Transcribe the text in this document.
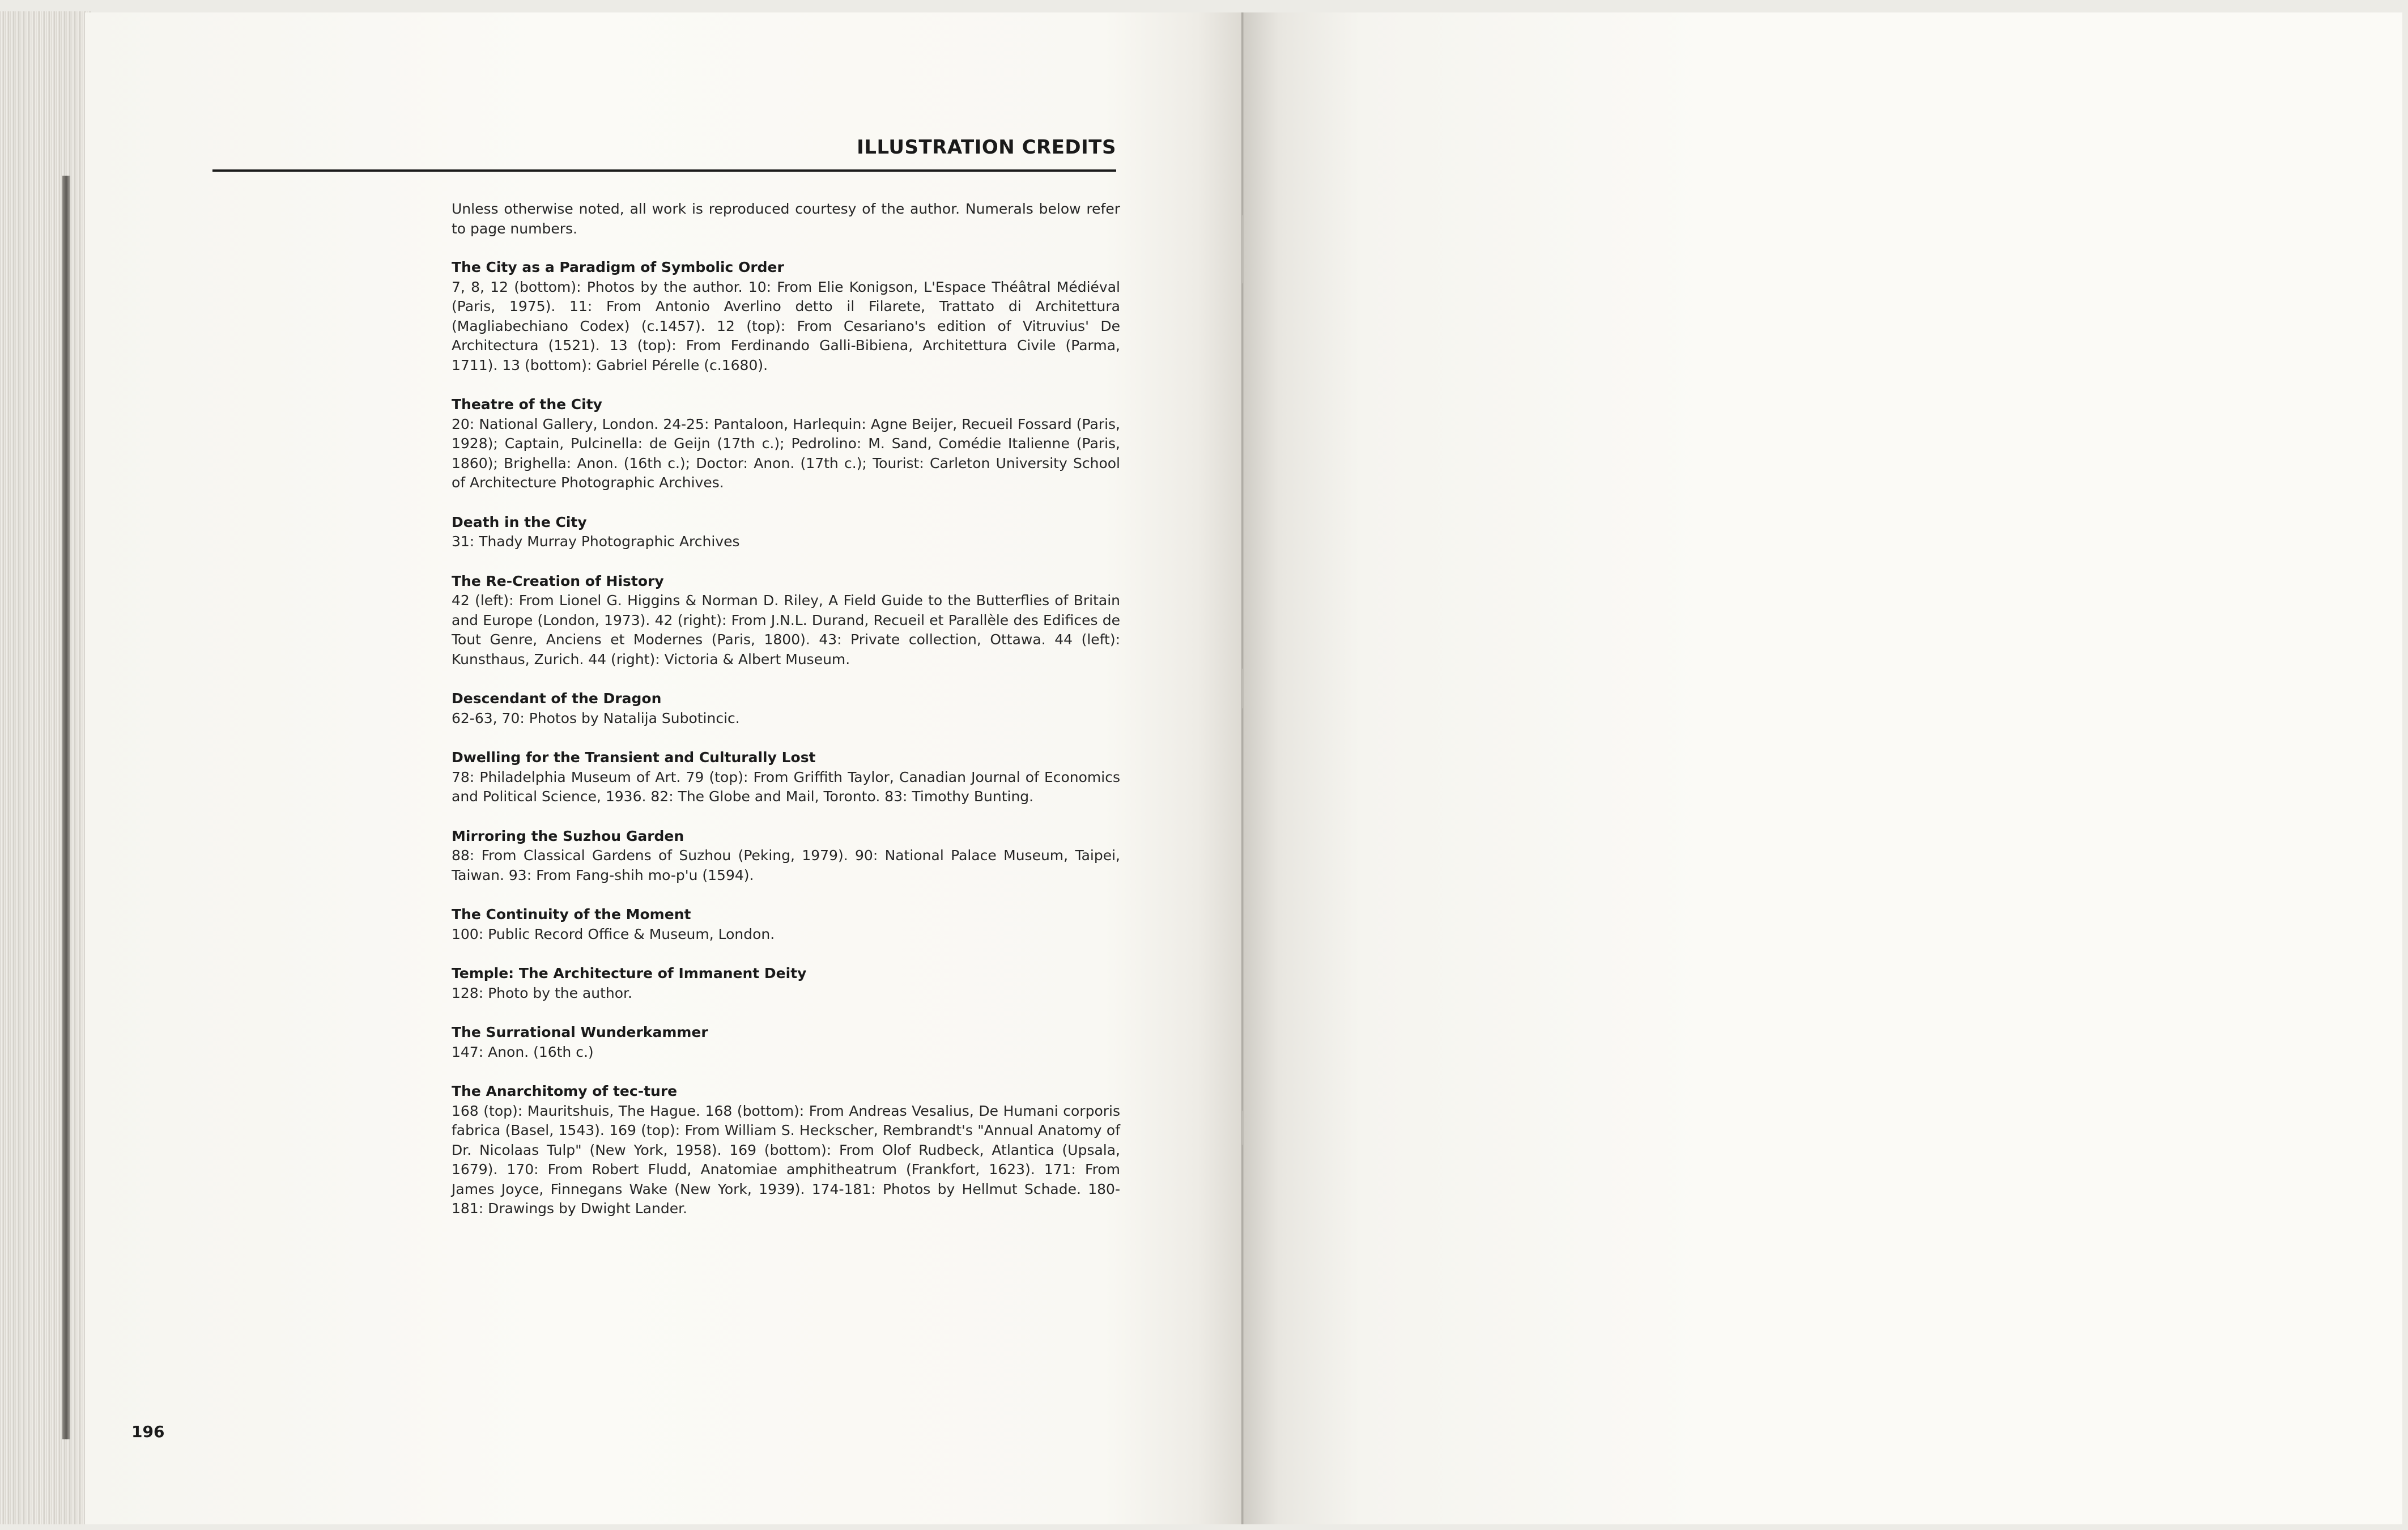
ILLUSTRATION CREDITS

Unless otherwise noted, all work is reproduced courtesy of the author. Numerals below refer to page numbers.

The City as a Paradigm of Symbolic Order

7, 8, 12 (bottom): Photos by the author. 10: From Elie Konigson, L'Espace Théâtral Médiéval (Paris, 1975). 11: From Antonio Averlino detto il Filarete, Trattato di Architettura (Magliabechiano Codex) (c.1457). 12 (top): From Cesariano's edition of Vitruvius' De Architectura (1521). 13 (top): From Ferdinando Galli-Bibiena, Architettura Civile (Parma, 1711). 13 (bottom): Gabriel Pérelle (c.1680).

Theatre of the City

20: National Gallery, London. 24-25: Pantaloon, Harlequin: Agne Beijer, Recueil Fossard (Paris, 1928); Captain, Pulcinella: de Geijn (17th c.); Pedrolino: M. Sand, Comédie Italienne (Paris, 1860); Brighella: Anon. (16th c.); Doctor: Anon. (17th c.); Tourist: Carleton University School of Architecture Photographic Archives.

Death in the City

31: Thady Murray Photographic Archives

The Re-Creation of History

42 (left): From Lionel G. Higgins & Norman D. Riley, A Field Guide to the Butterflies of Britain and Europe (London, 1973). 42 (right): From J.N.L. Durand, Recueil et Parallèle des Edifices de Tout Genre, Anciens et Modernes (Paris, 1800). 43: Private collection, Ottawa. 44 (left): Kunsthaus, Zurich. 44 (right): Victoria & Albert Museum.

Descendant of the Dragon

62-63, 70: Photos by Natalija Subotincic.

Dwelling for the Transient and Culturally Lost

78: Philadelphia Museum of Art. 79 (top): From Griffith Taylor, Canadian Journal of Economics and Political Science, 1936. 82: The Globe and Mail, Toronto. 83: Timothy Bunting.

Mirroring the Suzhou Garden

88: From Classical Gardens of Suzhou (Peking, 1979). 90: National Palace Museum, Taipei, Taiwan. 93: From Fang-shih mo-p'u (1594).

The Continuity of the Moment

100: Public Record Office & Museum, London.

Temple: The Architecture of Immanent Deity

128: Photo by the author.

The Surrational Wunderkammer

147: Anon. (16th c.)

The Anarchitomy of tec-ture

168 (top): Mauritshuis, The Hague. 168 (bottom): From Andreas Vesalius, De Humani corporis fabrica (Basel, 1543). 169 (top): From William S. Heckscher, Rembrandt's "Annual Anatomy of Dr. Nicolaas Tulp" (New York, 1958). 169 (bottom): From Olof Rudbeck, Atlantica (Upsala, 1679). 170: From Robert Fludd, Anatomiae amphitheatrum (Frankfort, 1623). 171: From James Joyce, Finnegans Wake (New York, 1939). 174-181: Photos by Hellmut Schade. 180-181: Drawings by Dwight Lander.

196
